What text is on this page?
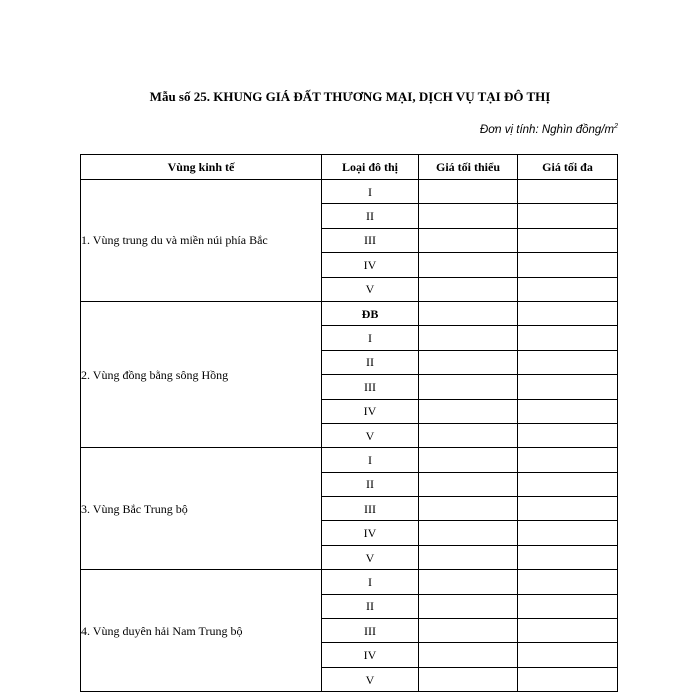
Mẫu số 25. KHUNG GIÁ ĐẤT THƯƠNG MẠI, DỊCH VỤ TẠI ĐÔ THỊ
Đơn vị tính: Nghìn đồng/$m^2$
Vùng kinh tế	Loại đô thị	Giá tối thiểu	Giá tối đa
1. Vùng trung du và miền núi phía Bắc	I		
	II		
	III		
	IV		
	V		
2. Vùng đồng bằng sông Hồng	ĐB		
	I		
	II		
	III		
	IV		
	V		
3. Vùng Bắc Trung bộ	I		
	II		
	III		
	IV		
	V		
4. Vùng duyên hải Nam Trung bộ	I		
	II		
	III		
	IV		
	V		
